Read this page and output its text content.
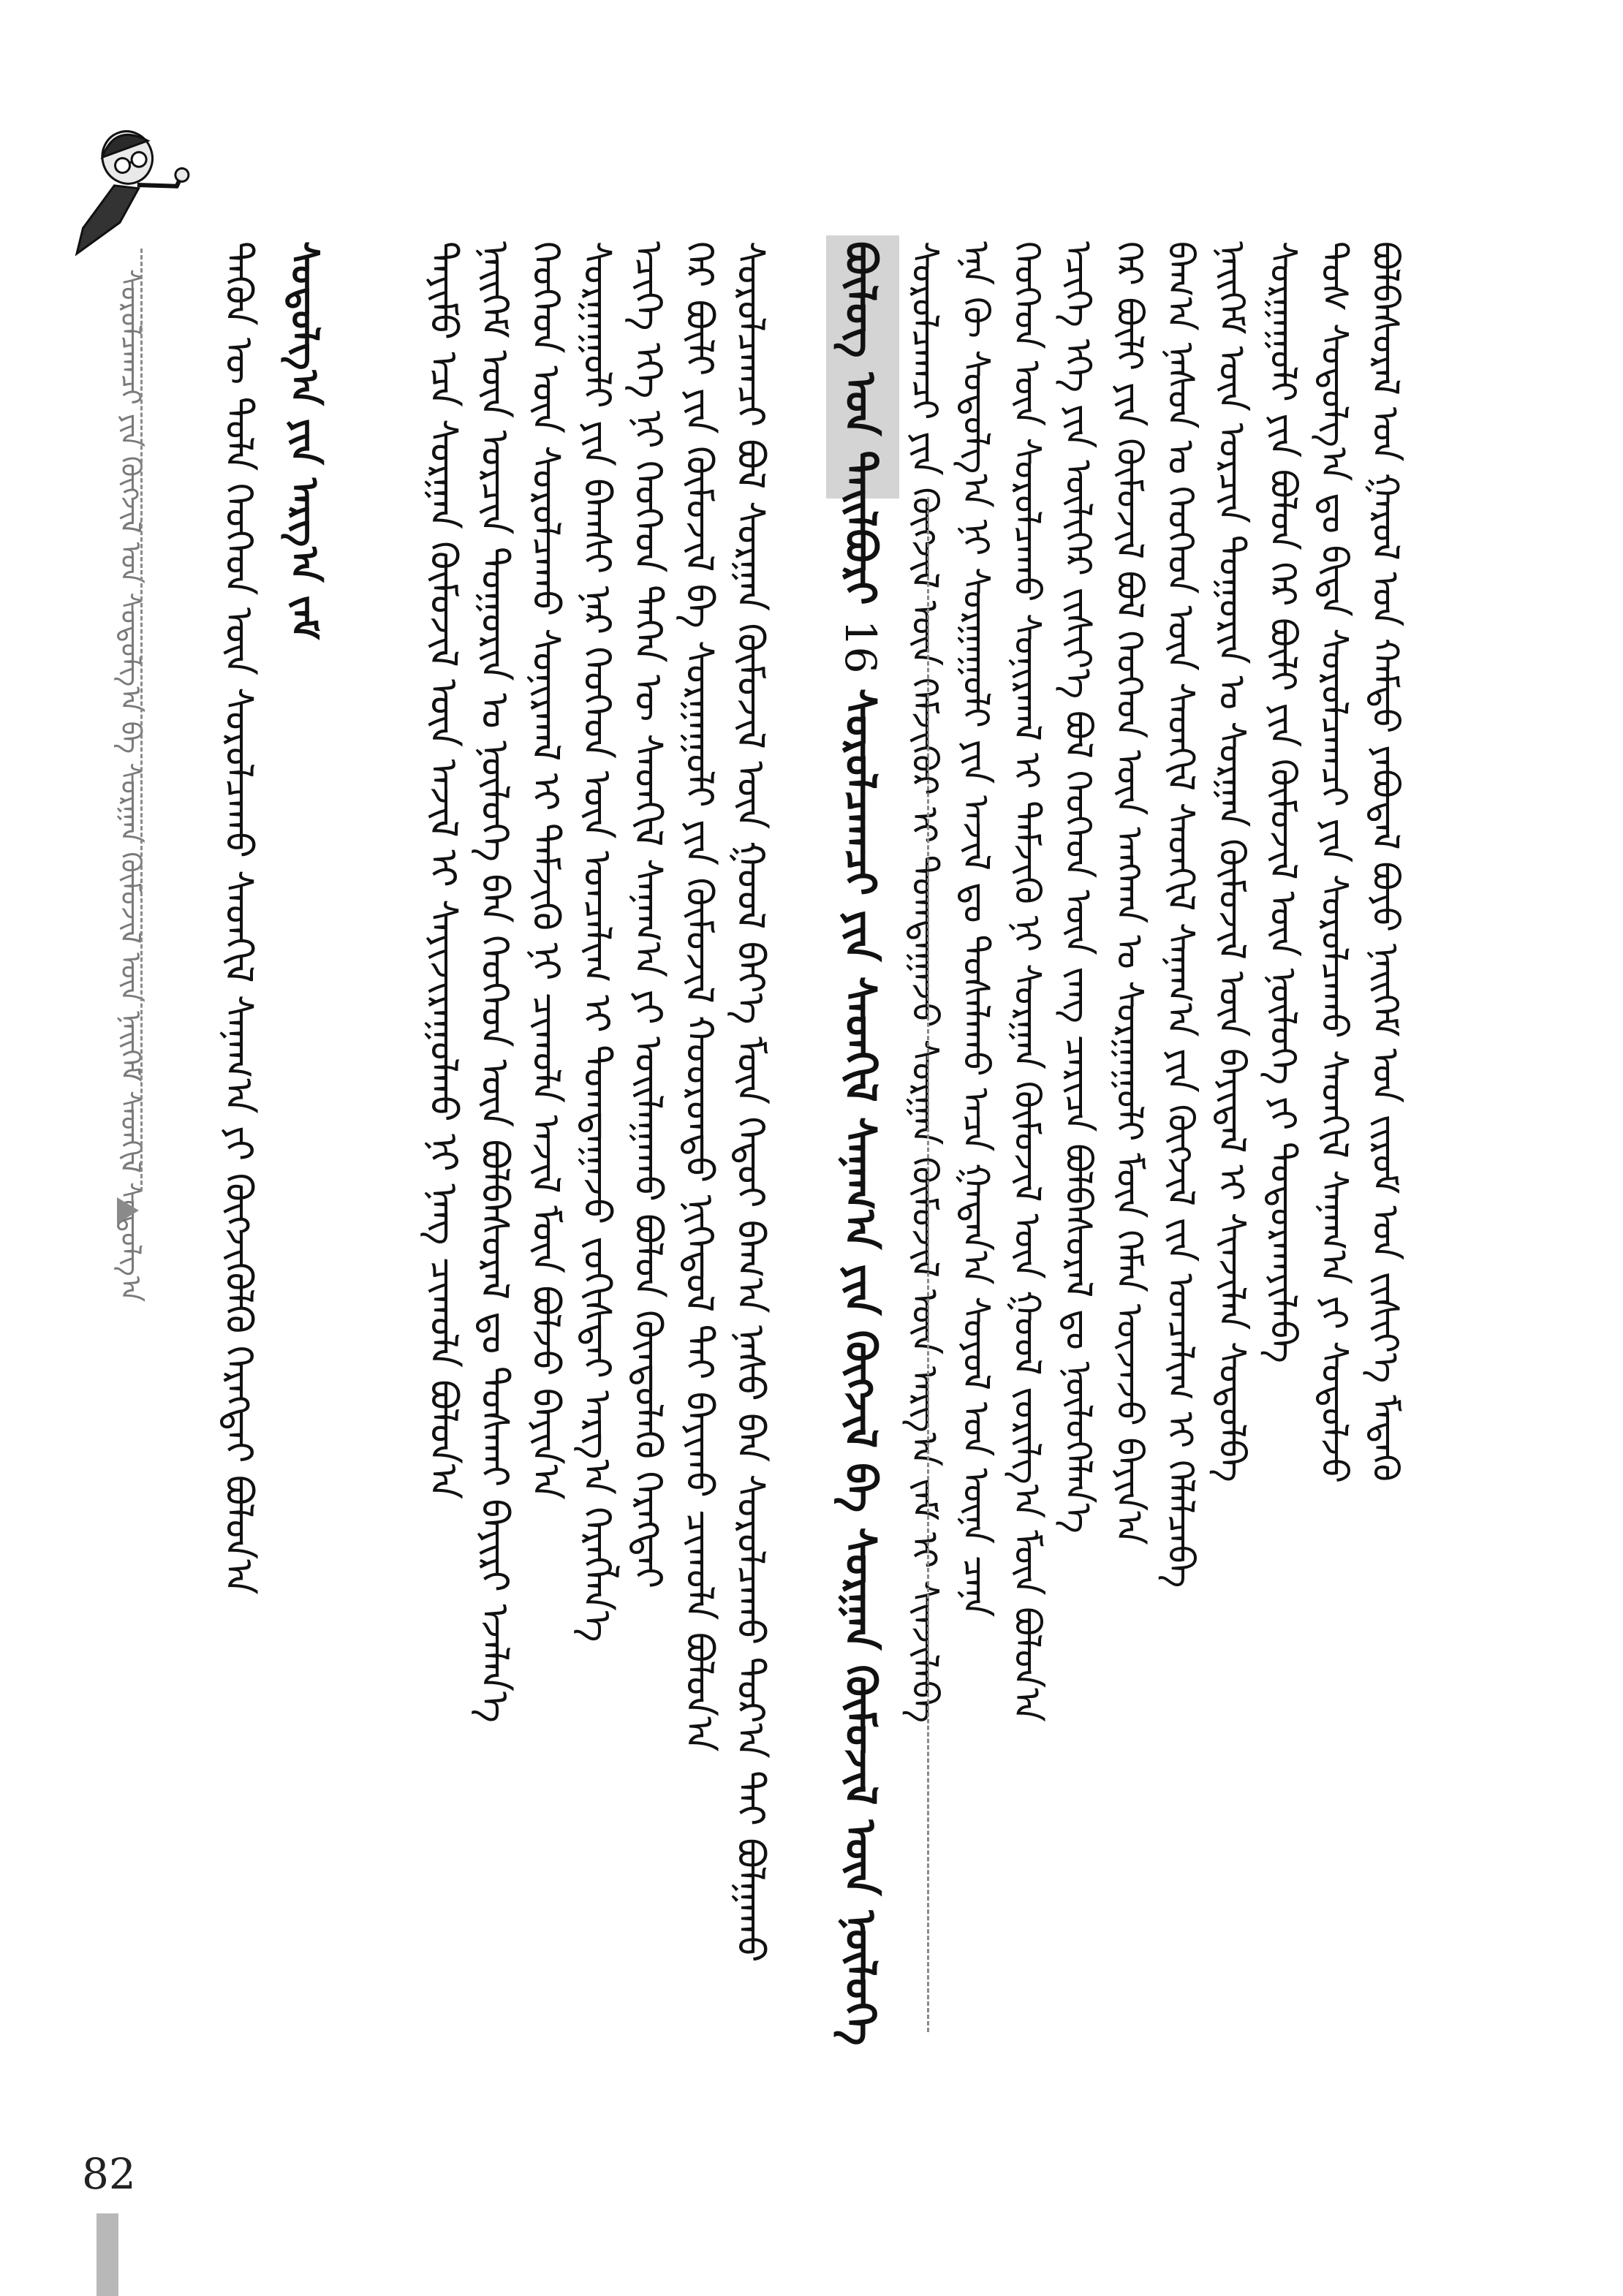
ᠰᠤᠷᠤᠯᠴᠠᠭᠴᠢ ᠶᠢᠨ ᠬᠥᠭᠵᠢᠯ ᠤᠨ ᠰᠤᠳᠤᠯᠭ᠎ᠠ ᠪᠠ ᠰᠤᠷᠭᠠᠨ ᠬᠥᠮᠦᠵᠢᠯ ᠦᠨ ᠨᠡᠢᠭᠡᠮ ᠰᠡᠳᠬᠢᠯ ᠰᠤᠳᠤᠯᠭ᠎ᠠ	ᠪᠤᠯᠪᠠᠰᠤᠷᠠᠯ ᠤᠨ ᠭᠠᠷᠤᠯ ᠤᠨ ᠬᠠᠮᠲᠤ ᠶᠠᠪᠤᠳᠠᠯ ᠪᠤᠶᠤ ᠨᠡᠢᠭᠡᠮ ᠤᠨ ᠵᠢᠷᠤᠮ ᠤᠨ ᠵᠢᠱᠢᠶ᠎ᠡ ᠮᠡᠳᠡᠬᠦ
ᠲᠤᠰ ᠰᠤᠳᠤᠯᠭ᠎ᠠ ᠳᠤ ᠪᠢᠳᠡ ᠰᠤᠷᠤᠯᠴᠠᠭᠴᠢ ᠶᠢᠨ ᠰᠤᠷᠤᠯᠴᠠᠬᠤ ᠰᠡᠳᠬᠢᠯ ᠰᠠᠨᠠᠭ᠎ᠠ ᠶᠢ ᠰᠤᠳᠤᠯᠵᠤ
ᠰᠤᠷᠭᠠᠭᠤᠯᠢ ᠶᠢᠨ ᠪᠣᠯᠤᠨ ᠭᠡᠷ ᠪᠦᠯᠢ ᠶᠢᠨ ᠬᠦᠮᠦᠵᠢᠯ ᠦᠨ ᠨᠥᠯᠦᠭᠡ ᠶᠢ ᠲᠣᠳᠣᠷᠬᠠᠶᠢᠯᠠᠪᠠ
ᠨᠡᠢᠭᠡᠮ ᠦᠨ ᠣᠷᠴᠢᠨ ᠲᠣᠭᠣᠷᠢᠨ ᠤ ᠰᠤᠷᠭᠠᠨ ᠬᠥᠮᠦᠵᠢᠯ ᠦᠨ ᠪᠠᠶᠢᠳᠠᠯ ᠢ ᠰᠢᠨᠵᠢᠯᠡᠨ ᠰᠤᠳᠤᠯᠪᠠ
ᠪᠠᠭ᠎ᠠ ᠨᠠᠰᠤᠨ ᠤ ᠬᠡᠦᠬᠡᠳ ᠦᠨ ᠰᠡᠳᠬᠢᠯ ᠰᠡᠳᠬᠢᠯ ᠰᠠᠨᠠᠭ᠎ᠠ ᠶᠢᠨ ᠬᠥᠭᠵᠢᠯ ᠵᠢᠨ ᠣᠨᠴᠠᠯᠢᠭ ᠢ ᠬᠡᠯᠡᠯᠴᠡᠪᠡ
ᠭᠡᠷ ᠪᠦᠯᠢ ᠶᠢᠨ ᠬᠦᠮᠦᠵᠢᠯ ᠪᠣᠯ ᠬᠡᠦᠬᠡᠳ ᠦᠨ ᠠᠩᠬᠠᠨ ᠤ ᠰᠤᠷᠭᠠᠭᠤᠯᠢ ᠮᠥᠨ ᠬᠡᠮᠡᠨ ᠦᠵᠡᠵᠦ ᠪᠠᠶᠢᠨ᠎ᠠ
ᠡᠴᠢᠭᠡ ᠡᠬᠡ ᠶᠢᠨ ᠦᠯᠢᠭᠡᠷ ᠵᠢᠱᠢᠶ᠎ᠡ ᠪᠣᠯ ᠬᠡᠦᠬᠡᠳ ᠦᠨ ᠵᠠᠩ ᠴᠠᠷᠢᠴᠠ ᠪᠣᠯᠪᠠᠰᠤᠷᠠᠯ ᠳᠤ ᠨᠥᠯᠦᠭᠡᠯᠡᠨ᠎ᠡ
ᠬᠡᠦᠬᠡᠳ ᠦᠨ ᠰᠤᠷᠤᠯᠴᠠᠬᠤ ᠰᠣᠨᠢᠷᠬᠠᠯ ᠢ ᠳᠡᠮᠵᠢᠬᠦ ᠨᠢ ᠰᠤᠷᠭᠠᠨ ᠬᠥᠮᠦᠵᠢᠯ ᠦᠨ ᠭᠣᠣᠯ ᠵᠣᠷᠢᠯᠭ᠎ᠠ ᠮᠥᠨ ᠪᠣᠯᠤᠨ᠎ᠠ
ᠡᠨᠡ ᠬᠦ ᠰᠤᠳᠤᠯᠭ᠎ᠠ ᠨᠢ ᠰᠤᠷᠭᠠᠭᠤᠯᠢ ᠶᠢᠨ ᠠᠵᠢᠯ ᠳᠤ ᠲᠤᠰᠠᠯᠠᠬᠤ ᠠᠴᠠ ᠭᠠᠳᠠᠨ᠎ᠠ ᠰᠣᠶᠣᠯ ᠤᠨ ᠦᠨᠡ ᠴᠡᠨᠡ
ᠰᠤᠷᠤᠯᠴᠠᠭᠴᠢ ᠶᠢᠨ ᠬᠥᠭᠵᠢᠯ ᠦᠨ ᠬᠡᠮᠵᠢᠭᠦᠷ ᠢ ᠲᠣᠭᠲᠠᠭᠠᠵᠤ ᠰᠤᠷᠭᠠᠨ ᠬᠦᠮᠦᠵᠢᠯ ᠦᠨ ᠠᠷᠭ᠎ᠠ ᠵᠠᠮ ᠢ ᠰᠢᠨᠵᠢᠯᠡᠪᠡ
ᠪᠦᠯᠦᠭ ᠤᠨ ᠲᠠᠢᠯᠪᠤᠷᠢ 16 ᠰᠤᠷᠤᠯᠴᠠᠭᠴᠢ ᠶᠢᠨ ᠰᠡᠳᠬᠢᠯ ᠰᠠᠨᠠᠭ᠎ᠠ ᠶᠢᠨ ᠬᠥᠭᠵᠢᠯ ᠪᠠ ᠰᠤᠷᠭᠠᠨ ᠬᠥᠮᠦᠵᠢᠯ ᠦᠨ ᠨᠥᠯᠦᠭᠡ
ᠰᠤᠷᠤᠯᠴᠠᠭᠴᠢ ᠪᠣᠯ ᠰᠤᠷᠭᠠᠨ ᠬᠥᠮᠦᠵᠢᠯ ᠦᠨ ᠭᠣᠣᠯ ᠪᠡᠶ᠎ᠡ ᠮᠥᠨ ᠬᠡᠳᠦᠢ ᠪᠠᠭ᠎ᠠ ᠨᠠᠰᠤ ᠪᠠᠨ ᠰᠤᠷᠤᠯᠴᠠᠬᠤ ᠳᠤᠷ᠎ᠠ ᠲᠠᠢ ᠪᠣᠯᠭᠠᠬᠤ
ᠭᠡᠷ ᠪᠦᠯᠢ ᠶᠢᠨ ᠬᠦᠮᠦᠵᠢᠯ ᠪᠠ ᠰᠤᠷᠭᠠᠭᠤᠯᠢ ᠶᠢᠨ ᠬᠦᠮᠦᠵᠢᠯ ᠬᠣᠣᠷᠣᠨᠳᠣ ᠨᠢᠭᠡᠳᠦᠯ ᠲᠡᠢ ᠪᠠᠶᠢᠬᠤ ᠴᠢᠬᠤᠯᠠ ᠪᠣᠯᠤᠨ᠎ᠠ
ᠡᠴᠢᠭᠡ ᠡᠬᠡ ᠨᠢ ᠬᠡᠦᠬᠡᠳ ᠲᠡᠭᠡᠨ ᠦ ᠰᠡᠳᠬᠢᠯ ᠰᠠᠨᠠᠭ᠎ᠠ ᠶᠢ ᠣᠢᠯᠠᠭᠠᠬᠤ ᠪᠣᠯᠤᠨ ᠬᠦᠨᠳᠦᠯᠡᠬᠦ ᠬᠡᠷᠡᠭᠲᠡᠢ
ᠰᠤᠷᠭᠠᠭᠤᠯᠢ ᠶᠢᠨ ᠪᠠᠭᠰᠢ ᠨᠠᠷ ᠬᠡᠦᠬᠡᠳ ᠦᠨ ᠣᠨᠴᠠᠯᠢᠭ ᠢ ᠲᠣᠭᠲᠠᠭᠠᠵᠤ ᠵᠣᠬᠢᠰᠲᠠᠢ ᠠᠷᠭ᠎ᠠ ᠬᠡᠷᠡᠭᠯᠡᠨ᠎ᠡ
ᠬᠡᠦᠬᠡᠳ ᠦᠨ ᠰᠤᠷᠤᠯᠴᠠᠬᠤ ᠰᠣᠨᠢᠷᠬᠠᠯ ᠢ ᠳᠡᠮᠵᠢᠬᠦ ᠨᠢ ᠴᠢᠬᠤᠯᠠ ᠠᠵᠢᠯ ᠮᠥᠨ ᠪᠣᠯᠵᠤ ᠪᠠᠶᠢᠨ᠎ᠠ
ᠨᠡᠢᠭᠡᠮ ᠦᠨ ᠣᠷᠴᠢᠨ ᠲᠣᠭᠣᠷᠢᠨ ᠤ ᠨᠥᠯᠦᠭᠡ ᠪᠠᠨ ᠬᠡᠦᠬᠡᠳ ᠦᠨ ᠪᠣᠯᠪᠠᠰᠤᠷᠠᠯ ᠳᠤ ᠲᠤᠰᠬᠠᠶ ᠪᠠᠶᠢᠷᠢ ᠡᠵᠡᠯᠡᠨ᠎ᠡ
ᠲᠡᠶᠢᠮᠦ ᠡᠴᠡ ᠰᠤᠷᠭᠠᠨ ᠬᠥᠮᠦᠵᠢᠯ ᠦᠨ ᠠᠵᠢᠯ ᠢ ᠰᠠᠶᠢᠵᠢᠷᠠᠭᠤᠯᠬᠤ ᠨᠢ ᠨᠡᠩ ᠴᠢᠬᠤᠯᠠ ᠪᠣᠯᠤᠨ᠎ᠠ
ᠲᠡᠭᠦᠨ ᠦ ᠲᠤᠯᠠ ᠬᠡᠦᠬᠡᠳ ᠦᠨ ᠰᠤᠷᠤᠯᠴᠠᠬᠤ ᠰᠡᠳᠬᠢᠯ ᠰᠠᠨᠠᠭ᠎ᠠ ᠶᠢ ᠬᠥᠭᠵᠢᠭᠦᠯᠬᠦ ᠬᠡᠷᠡᠭᠲᠡᠢ ᠪᠣᠯᠤᠨ᠎ᠠ ᠰᠤᠳᠤᠯᠭ᠎ᠠ ᠶᠢᠨ ᠠᠷᠭ᠎ᠠ ᠵᠠᠮ
82
